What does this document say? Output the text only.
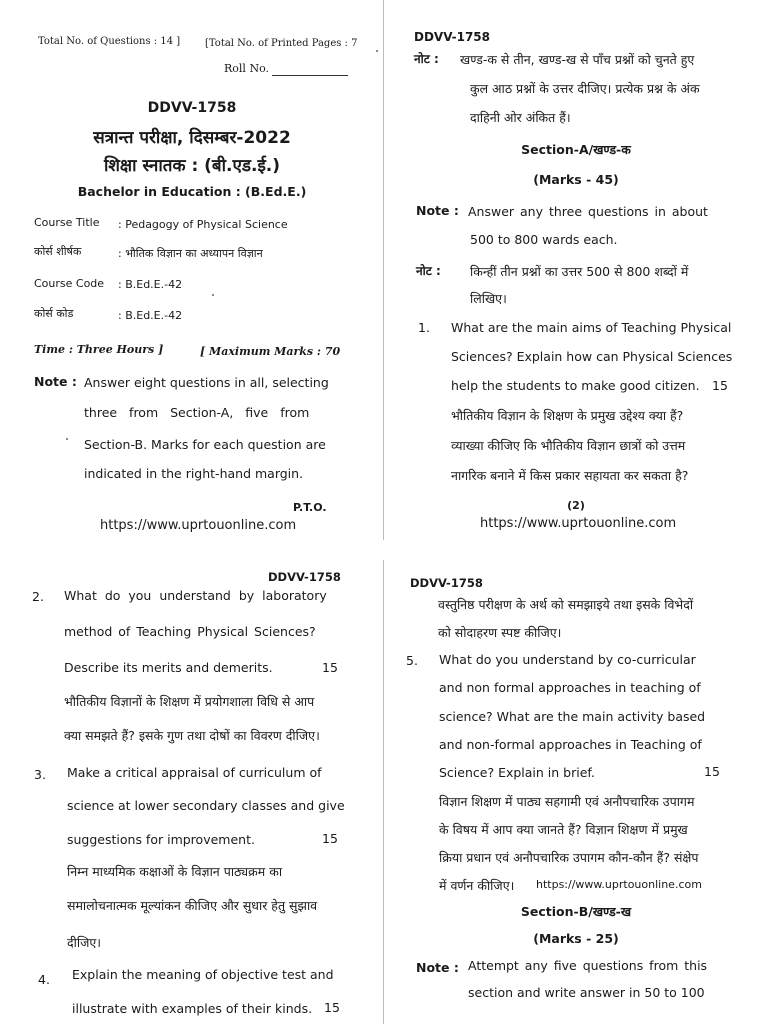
Total No. of Questions : 14 ] [Total No. of Printed Pages : 7
Roll No.
DDVV-1758
सत्रान्त परीक्षा, दिसम्बर-2022
शिक्षा स्नातक : (बी.एड.ई.)
Bachelor in Education : (B.Ed.E.)
Course Title : Pedagogy of Physical Science
कोर्स शीर्षक	: भौतिक विज्ञान का अध्यापन विज्ञान
Course Code : B.Ed.E.-42
कोर्स कोड	: B.Ed.E.-42
Time : Three Hours ]	[ Maximum Marks : 70
Note : Answer eight questions in all, selecting
three from Section-A, five from
Section-B. Marks for each question are
indicated in the right-hand margin.
P.T.O.
https://www.uprtouonline.com
DDVV-1758
नोट : खण्ड-क से तीन, खण्ड-ख से पाँच प्रश्नों को चुनते हुए
कुल आठ प्रश्नों के उत्तर दीजिए। प्रत्येक प्रश्न के अंक
दाहिनी ओर अंकित हैं।
Section-A/खण्ड-क
(Marks - 45)
Note : Answer any three questions in about
500 to 800 wards each.
नोट : किन्हीं तीन प्रश्नों का उत्तर 500 से 800 शब्दों में
लिखिए।
1. What are the main aims of Teaching Physical
Sciences? Explain how can Physical Sciences
help the students to make good citizen. 15
भौतिकीय विज्ञान के शिक्षण के प्रमुख उद्देश्य क्या हैं?
व्याख्या कीजिए कि भौतिकीय विज्ञान छात्रों को उत्तम
नागरिक बनाने में किस प्रकार सहायता कर सकता है?
(2)
https://www.uprtouonline.com
DDVV-1758
2. What do you understand by laboratory
method of Teaching Physical Sciences?
Describe its merits and demerits.	15
भौतिकीय विज्ञानों के शिक्षण में प्रयोगशाला विधि से आप
क्या समझते हैं? इसके गुण तथा दोषों का विवरण दीजिए।
3. Make a critical appraisal of curriculum of
science at lower secondary classes and give
suggestions for improvement.	15
निम्न माध्यमिक कक्षाओं के विज्ञान पाठ्यक्रम का
समालोचनात्मक मूल्यांकन कीजिए और सुधार हेतु सुझाव
दीजिए।
4. Explain the meaning of objective test and
illustrate with examples of their kinds. 15
DDVV-1758
वस्तुनिष्ठ परीक्षण के अर्थ को समझाइये तथा इसके विभेदों
को सोदाहरण स्पष्ट कीजिए।
5. What do you understand by co-curricular
and non formal approaches in teaching of
science? What are the main activity based
and non-formal approaches in Teaching of
Science? Explain in brief.	15
विज्ञान शिक्षण में पाठ्य सहगामी एवं अनौपचारिक उपागम
के विषय में आप क्या जानते हैं? विज्ञान शिक्षण में प्रमुख
क्रिया प्रधान एवं अनौपचारिक उपागम कौन-कौन हैं? संक्षेप
में वर्णन कीजिए। https://www.uprtouonline.com
Section-B/खण्ड-ख
(Marks - 25)
Note : Attempt any five questions from this
section and write answer in 50 to 100
